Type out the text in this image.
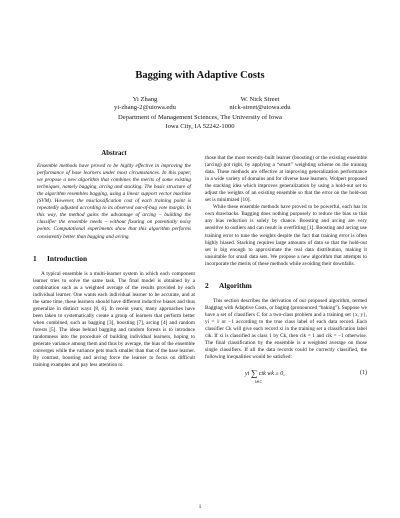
Bagging with Adaptive Costs
Yi Zhang
yi-zhang-2@uiowa.edu
W. Nick Street
nick-street@uiowa.edu
Department of Management Sciences, The University of Iowa
Iowa City, IA 52242-1000
Abstract

Ensemble methods have proved to be highly effective in improving the performance of base learners under most circumstances. In this paper, we propose a new algorithm that combines the merits of some existing techniques, namely bagging, arcing and stacking. The basic structure of the algorithm resembles bagging, using a linear support vector machine (SVM). However, the misclassification cost of each training point is repeatedly adjusted according to its observed out-of-bag vote margin. In this way, the method gains the advantage of arcing – building the classifier the ensemble needs – without fixating on potentially noisy points. Computational experiments show that this algorithm performs consistently better than bagging and arcing.

1 Introduction

A typical ensemble is a multi-learner system in which each component learner tries to solve the same task. The final model is obtained by a combination such as a weighted average of the results provided by each individual learner. One wants each individual learner to be accurate, and at the same time, these learners should have different inductive biases and thus generalize in distinct ways [8, 6]. In recent years, many approaches have been taken to systematically create a group of learners that perform better when combined, such as bagging [3], boosting [7], arcing [4] and random forests [5]. The ideas behind bagging and random forests is to introduce randomness into the procedure of building individual learners, hoping to generate variance among them and thus by average, the bias of the ensemble converges while the variance gets much smaller than that of the base learner. By contrast, boosting and arcing force the learner to focus on difficult training examples and pay less attention to

those that the most recently-built learner (boosting) or the existing ensemble (arcing) got right, by applying a “smart” weighting scheme on the training data. These methods are effective at improving generalization performance in a wide variety of domains and for diverse base learners. Wolpert proposed the stacking idea which improves generalization by using a hold-out set to adjust the weights of an existing ensemble so that the error on the hold-out set is minimized [10].

While these ensemble methods have proved to be powerful, each has its own drawbacks. Bagging does nothing purposely to reduce the bias so that any bias reduction is solely by chance. Boosting and arcing are very sensitive to outliers and can result in overfitting [1]. Boosting and arcing use training error to tune the weights despite the fact that training error is often highly biased. Stacking requires large amounts of data so that the hold-out set is big enough to approximate the real data distribution, making it unsuitable for small data sets. We propose a new algorithm that attempts to incorporate the merits of these methods while avoiding their downfalls.

2 Algorithm

This section describes the derivation of our proposed algorithm, termed Bagging with Adaptive Costs, or baging (pronounced “baking”). Suppose we have a set of classifiers C for a two-class problem and a training set {x, y}, yi = 1 or −1 according to the true class label of each data record. Each classifier Ck will give each record xi in the training set a classification label cik. If xi is classified as class 1 by Ck, then cik = 1 and cik = −1 otherwise. The final classification by the ensemble is a weighted average on those single classifiers. If all the data records could be correctly classified, the following inequalities would be satisfied:

yi ∑ cik wk ≥ 0,
k∈C
(1)
1
